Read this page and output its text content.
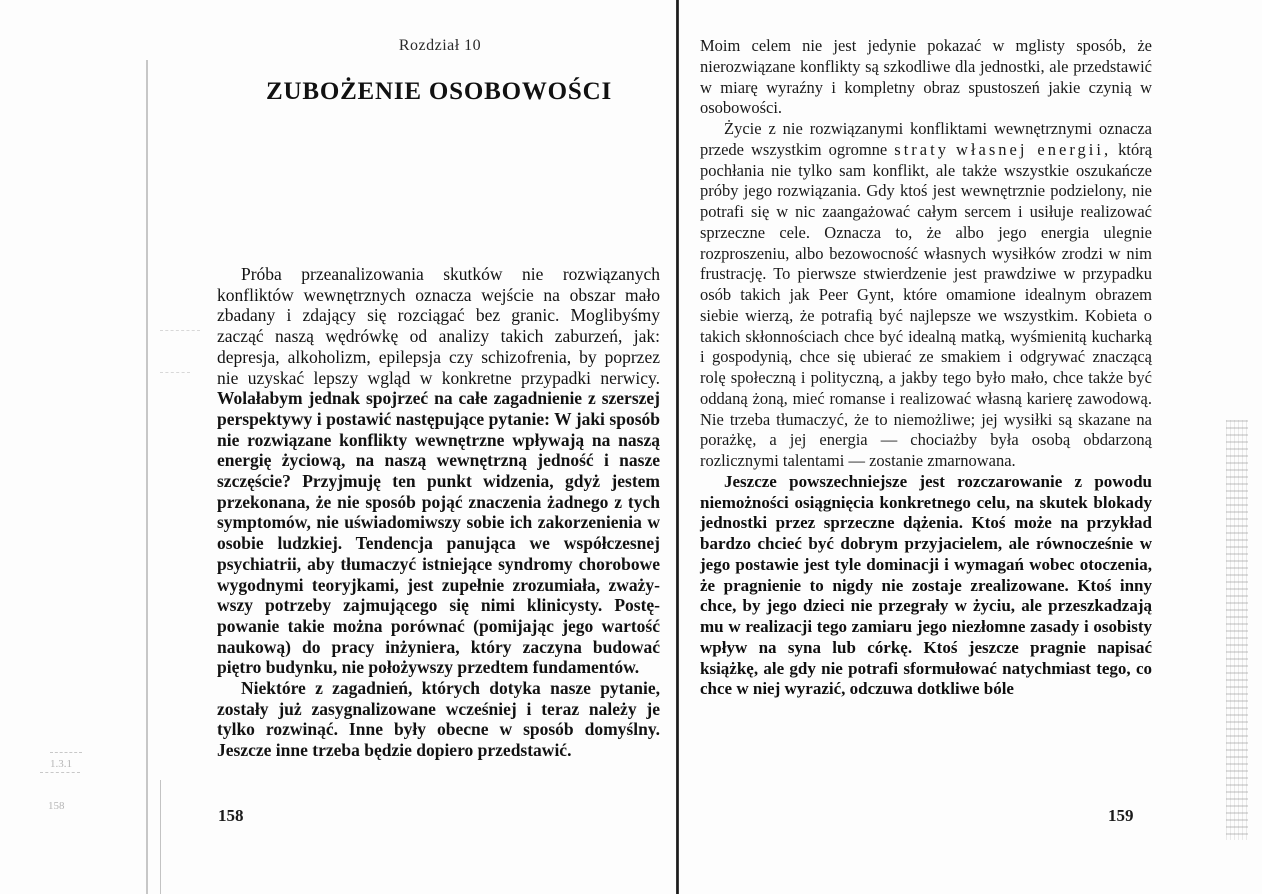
1.3.1
158
Rozdział 10
ZUBOŻENIE OSOBOWOŚCI

Próba przeanalizowania skutków nie rozwiązanych konfliktów wewnętrznych oznacza wejście na obszar mało zbadany i zdający się rozciągać bez granic. Moglibyśmy zacząć naszą wędrówkę od analizy takich zaburzeń, jak: depresja, alkoholizm, epilepsja czy schizofrenia, by poprzez nie uzyskać lepszy wgląd w konkretne przypadki nerwicy. Wolałabym jednak spojrzeć na całe zagadnienie z szerszej perspektywy i postawić następujące pytanie: W jaki sposób nie rozwiązane konflikty wewnętrzne wpływają na naszą energię życiową, na naszą wewnętrzną jedność i nasze szczęście? Przyjmuję ten punkt widzenia, gdyż jestem przekonana, że nie sposób pojąć znaczenia żadnego z tych symptomów, nie uświadomiwszy sobie ich zakorzenienia w osobie ludzkiej. Tendencja panująca we współczesnej psychiatrii, aby tłumaczyć istniejące syndromy chorobowe wygodnymi teoryjkami, jest zupełnie zrozumiała, zważywszy potrzeby zajmującego się nimi klinicysty. Postępowanie takie można porównać (pomijając jego wartość naukową) do pracy inżyniera, który zaczyna budować piętro budynku, nie położywszy przedtem fundamentów.

Niektóre z zagadnień, których dotyka nasze pytanie, zostały już zasygnalizowane wcześniej i teraz należy je tylko rozwinąć. Inne były obecne w sposób domyślny. Jeszcze inne trzeba będzie dopiero przedstawić.

158

Moim celem nie jest jedynie pokazać w mglisty sposób, że nierozwiązane konflikty są szkodliwe dla jednostki, ale przedstawić w miarę wyraźny i kompletny obraz spustoszeń jakie czynią w osobowości.

Życie z nie rozwiązanymi konfliktami wewnętrznymi oznacza przede wszystkim ogromne straty własnej energii, którą pochłania nie tylko sam konflikt, ale także wszystkie oszukańcze próby jego rozwiązania. Gdy ktoś jest wewnętrznie podzielony, nie potrafi się w nic zaangażować całym sercem i usiłuje realizować sprzeczne cele. Oznacza to, że albo jego energia ulegnie rozproszeniu, albo bezowocność własnych wysiłków zrodzi w nim frustrację. To pierwsze stwierdzenie jest prawdziwe w przypadku osób takich jak Peer Gynt, które omamione idealnym obrazem siebie wierzą, że potrafią być najlepsze we wszystkim. Kobieta o takich skłonnościach chce być idealną matką, wyśmienitą kucharką i gospodynią, chce się ubierać ze smakiem i odgrywać znaczącą rolę społeczną i polityczną, a jakby tego było mało, chce także być oddaną żoną, mieć romanse i realizować własną karierę zawodową. Nie trzeba tłumaczyć, że to niemożliwe; jej wysiłki są skazane na porażkę, a jej energia — chociażby była osobą obdarzoną rozlicznymi talentami — zostanie zmarnowana.

Jeszcze powszechniejsze jest rozczarowanie z powodu niemożności osiągnięcia konkretnego celu, na skutek blokady jednostki przez sprzeczne dążenia. Ktoś może na przykład bardzo chcieć być dobrym przyjacielem, ale równocześnie w jego postawie jest tyle dominacji i wymagań wobec otoczenia, że pragnienie to nigdy nie zostaje zrealizowane. Ktoś inny chce, by jego dzieci nie przegrały w życiu, ale przeszkadzają mu w realizacji tego zamiaru jego niezłomne zasady i osobisty wpływ na syna lub córkę. Ktoś jeszcze pragnie napisać książkę, ale gdy nie potrafi sformułować natychmiast tego, co chce w niej wyrazić, odczuwa dotkliwe bóle

159
